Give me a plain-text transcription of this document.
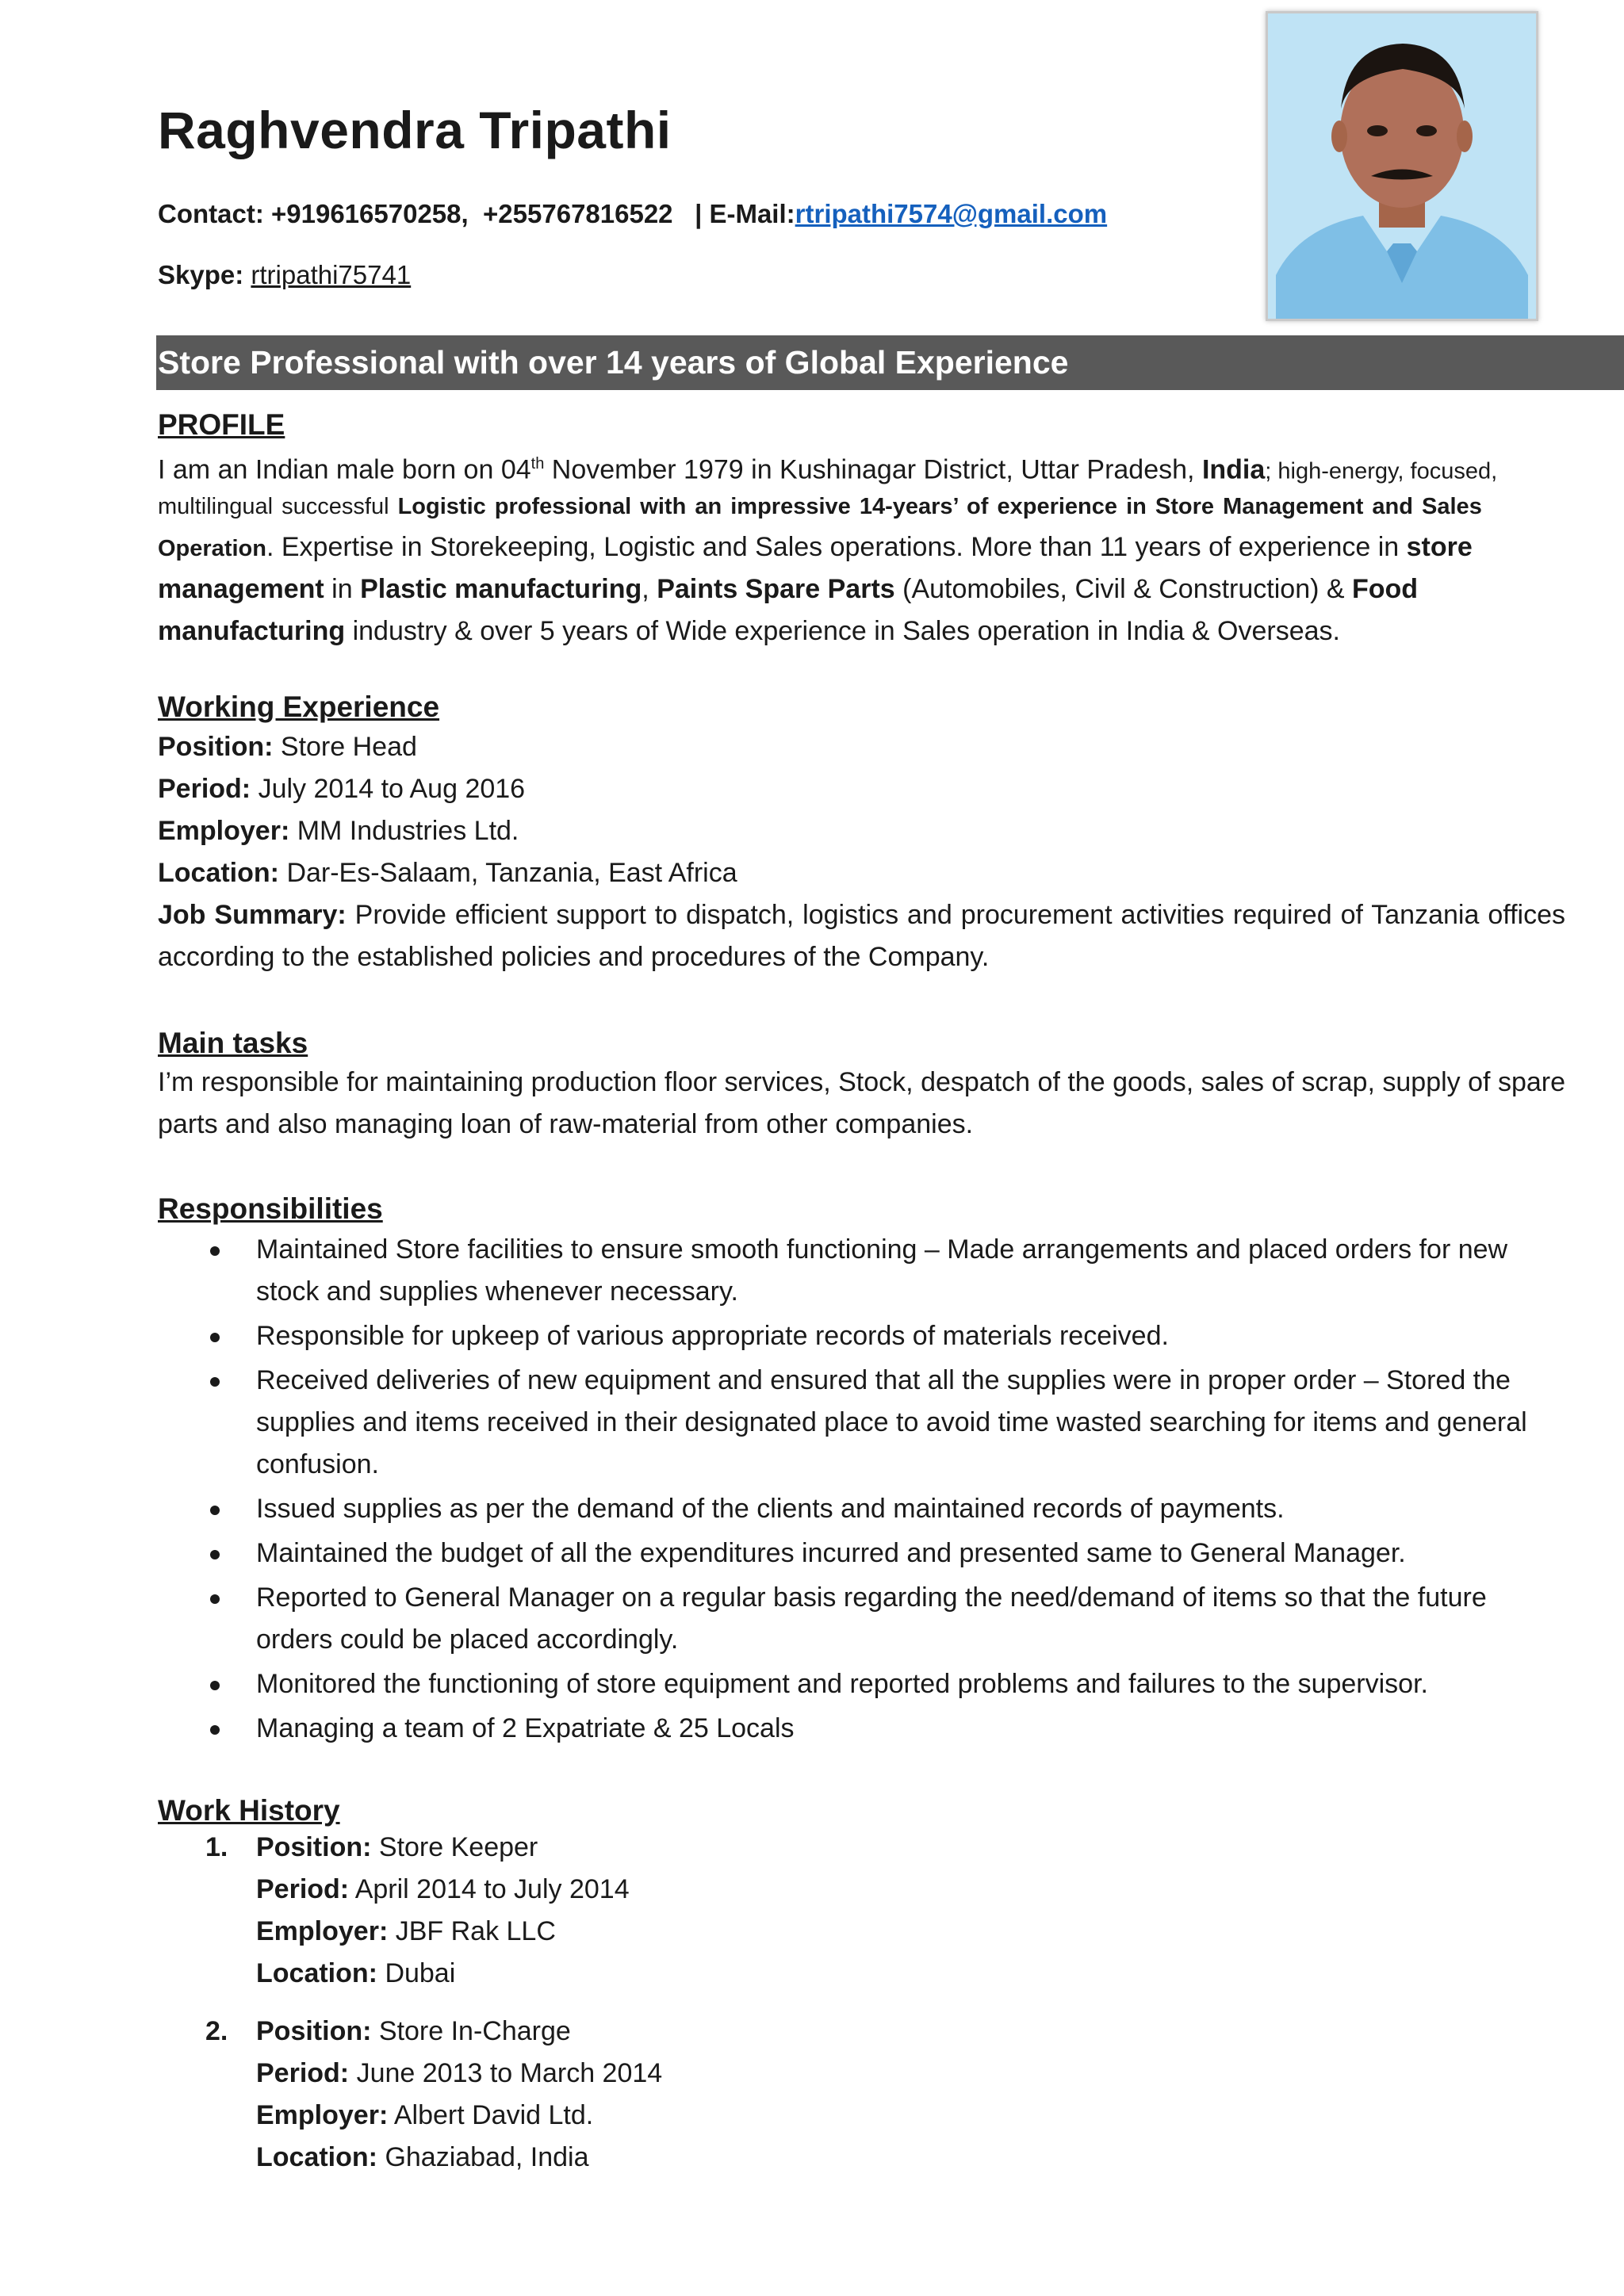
Raghvendra Tripathi
Contact: +919616570258, +255767816522 | E-Mail:rtripathi7574@gmail.com
Skype: rtripathi75741
Store Professional with over 14 years of Global Experience
PROFILE
I am an Indian male born on 04th November 1979 in Kushinagar District, Uttar Pradesh, India; high-energy, focused,
multilingual successful Logistic professional with an impressive 14-years’ of experience in Store Management and Sales
Operation. Expertise in Storekeeping, Logistic and Sales operations. More than 11 years of experience in store
management in Plastic manufacturing, Paints Spare Parts (Automobiles, Civil & Construction) & Food
manufacturing industry & over 5 years of Wide experience in Sales operation in India & Overseas.
Working Experience
Position: Store Head
Period: July 2014 to Aug 2016
Employer: MM Industries Ltd.
Location: Dar-Es-Salaam, Tanzania, East Africa
Job Summary: Provide efficient support to dispatch, logistics and procurement activities required of Tanzania offices according to the established policies and procedures of the Company.
Main tasks
I’m responsible for maintaining production floor services, Stock, despatch of the goods, sales of scrap, supply of spare parts and also managing loan of raw-material from other companies.
Responsibilities
Maintained Store facilities to ensure smooth functioning – Made arrangements and placed orders for new stock and supplies whenever necessary.
Responsible for upkeep of various appropriate records of materials received.
Received deliveries of new equipment and ensured that all the supplies were in proper order – Stored the supplies and items received in their designated place to avoid time wasted searching for items and general confusion.
Issued supplies as per the demand of the clients and maintained records of payments.
Maintained the budget of all the expenditures incurred and presented same to General Manager.
Reported to General Manager on a regular basis regarding the need/demand of items so that the future orders could be placed accordingly.
Monitored the functioning of store equipment and reported problems and failures to the supervisor.
Managing a team of 2 Expatriate & 25 Locals
Work History
1. Position: Store Keeper
Period: April 2014 to July 2014
Employer: JBF Rak LLC
Location: Dubai
2. Position: Store In-Charge
Period: June 2013 to March 2014
Employer: Albert David Ltd.
Location: Ghaziabad, India
